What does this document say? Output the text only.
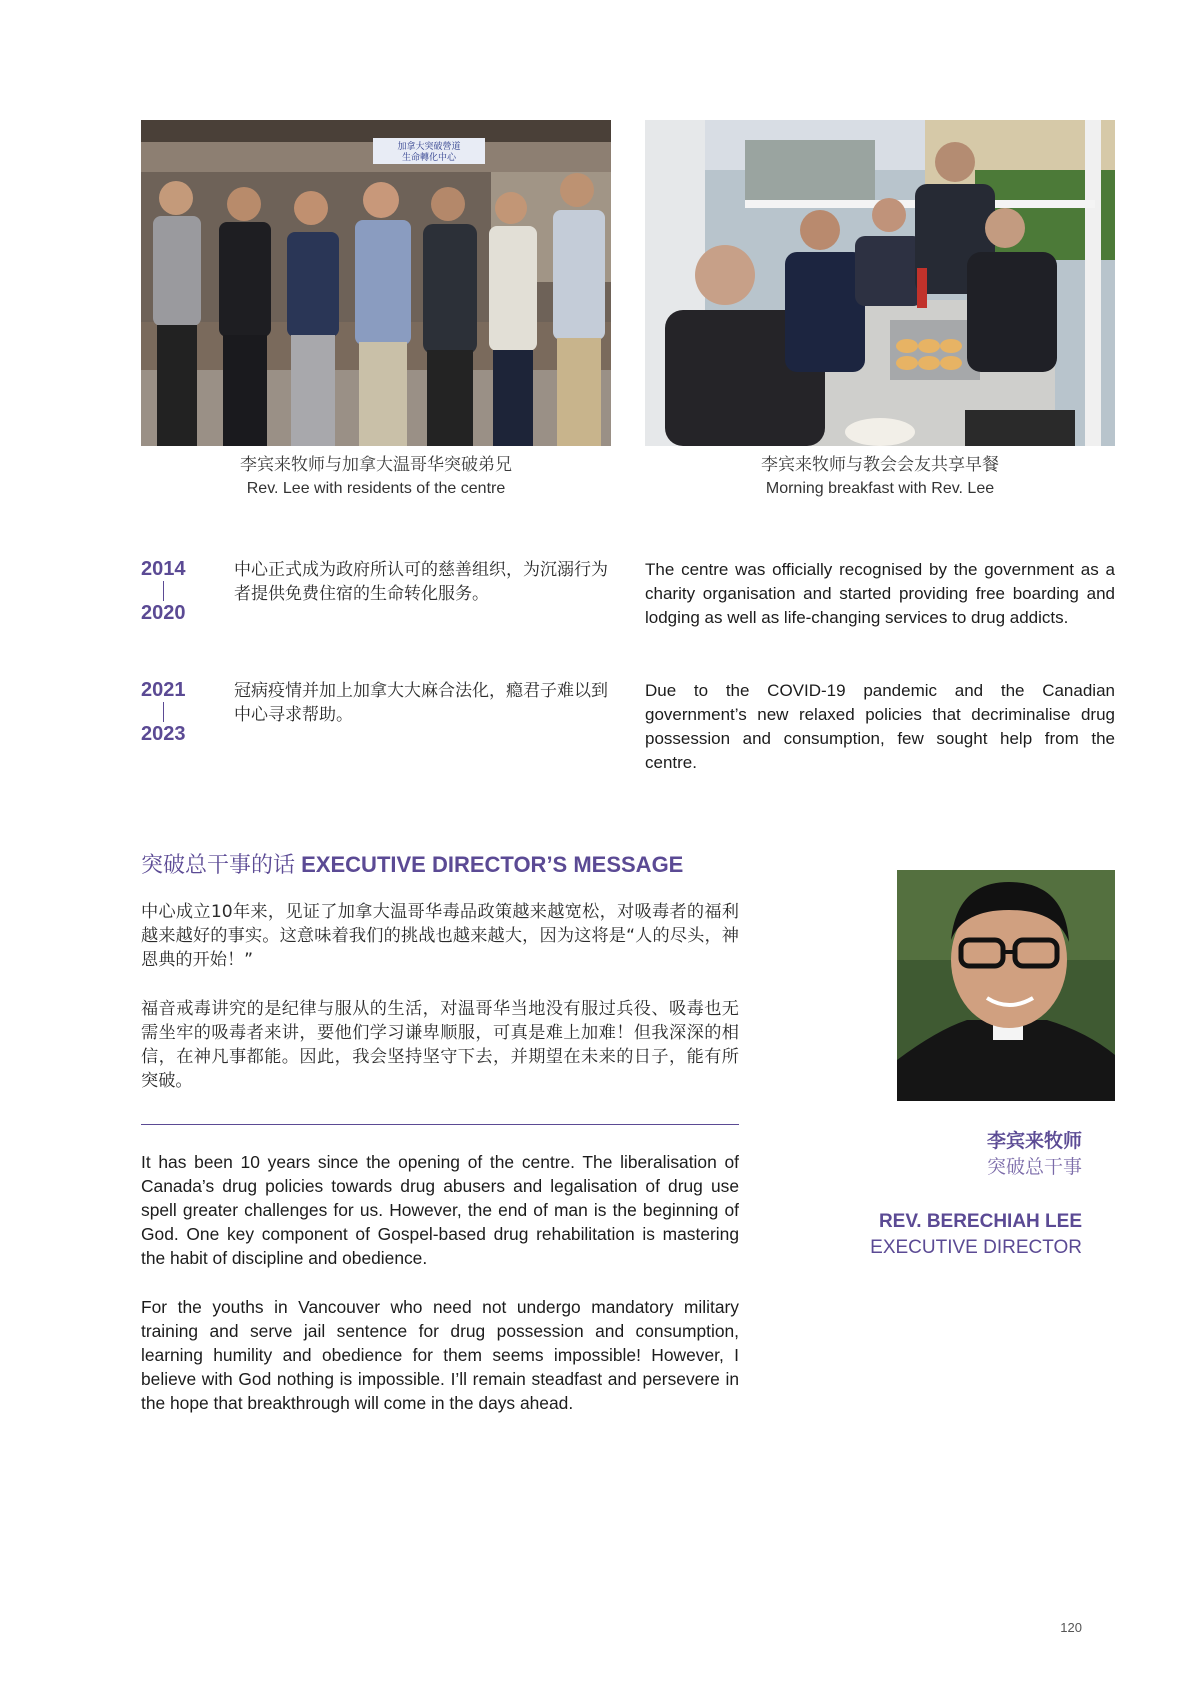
加拿大突破營道
生命轉化中心
李宾来牧师与加拿大温哥华突破弟兄
Rev. Lee with residents of the centre
李宾来牧师与教会会友共享早餐
Morning breakfast with Rev. Lee
2014
2020
中心正式成为政府所认可的慈善组织，为沉溺行为者提供免费住宿的生命转化服务。
The centre was officially recognised by the government as a charity organisation and started providing free boarding and lodging as well as life-changing services to drug addicts.
2021
2023
冠病疫情并加上加拿大大麻合法化，瘾君子难以到中心寻求帮助。
Due to the COVID-19 pandemic and the Canadian government’s new relaxed policies that decriminalise drug possession and consumption, few sought help from the centre.
突破总干事的话 EXECUTIVE DIRECTOR’S MESSAGE
中心成立10年来，见证了加拿大温哥华毒品政策越来越宽松，对吸毒者的福利越来越好的事实。这意味着我们的挑战也越来越大，因为这将是“人的尽头，神恩典的开始！”
福音戒毒讲究的是纪律与服从的生活，对温哥华当地没有服过兵役、吸毒也无需坐牢的吸毒者来讲，要他们学习谦卑顺服，可真是难上加难！但我深深的相信，在神凡事都能。因此，我会坚持坚守下去，并期望在未来的日子，能有所突破。
It has been 10 years since the opening of the centre. The liberalisation of Canada’s drug policies towards drug abusers and legalisation of drug use spell greater challenges for us. However, the end of man is the beginning of God. One key component of Gospel-based drug rehabilitation is mastering the habit of discipline and obedience.
For the youths in Vancouver who need not undergo mandatory military training and serve jail sentence for drug possession and consumption, learning humility and obedience for them seems impossible! However, I believe with God nothing is impossible. I’ll remain steadfast and persevere in the hope that breakthrough will come in the days ahead.
李宾来牧师
突破总干事
REV. BERECHIAH LEE
EXECUTIVE DIRECTOR
120
